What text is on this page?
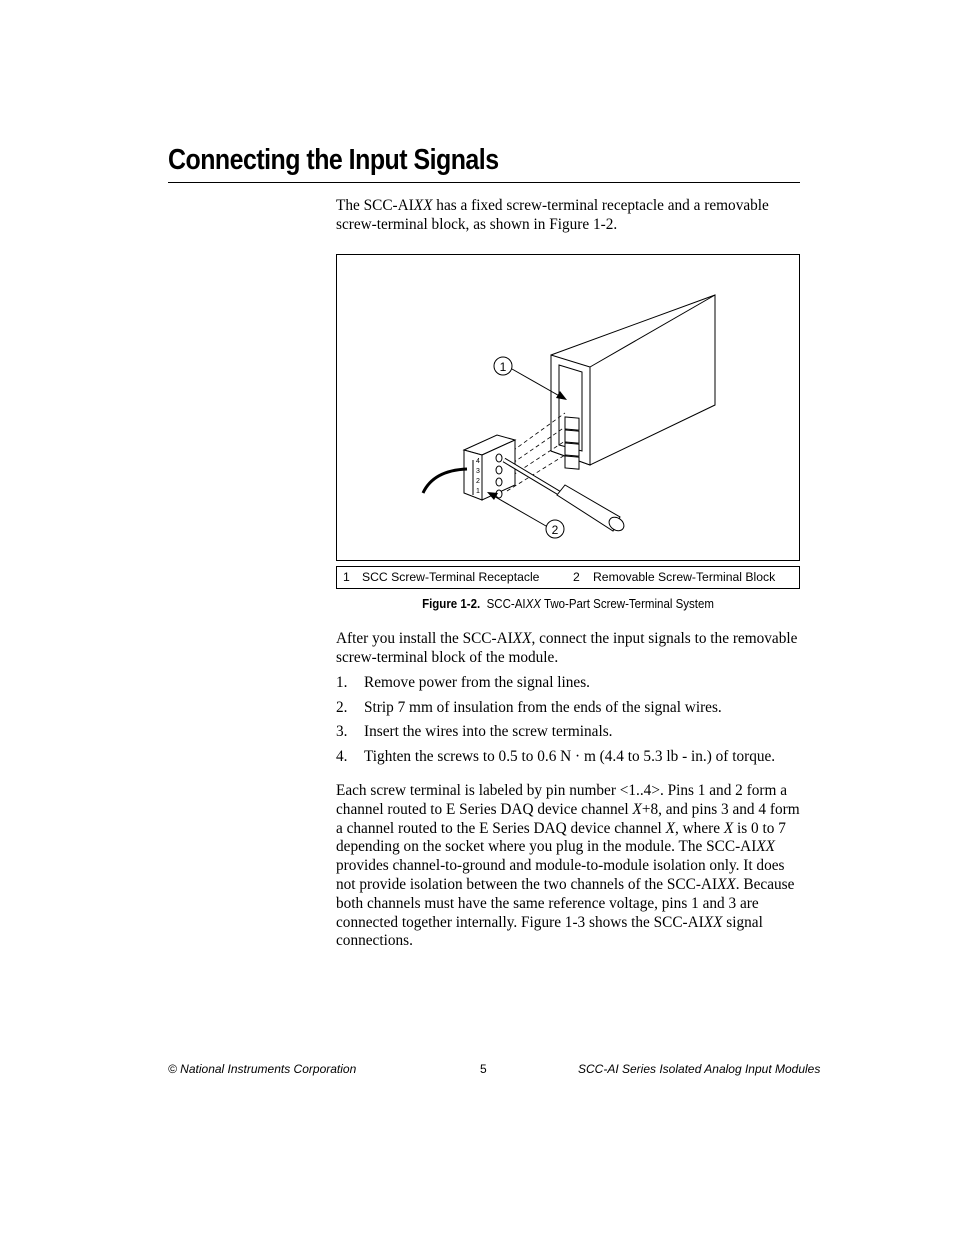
Connecting the Input Signals
The SCC-AIXX has a fixed screw-terminal receptacle and a removable
screw-terminal block, as shown in Figure 1-2.
4
3
2
1
1
2
1 SCC Screw-Terminal Receptacle	2 Removable Screw-Terminal Block
Figure 1-2. SCC-AIXX Two-Part Screw-Terminal System
After you install the SCC-AIXX, connect the input signals to the removable
screw-terminal block of the module.
1. Remove power from the signal lines.
2. Strip 7 mm of insulation from the ends of the signal wires.
3. Insert the wires into the screw terminals.
4. Tighten the screws to 0.5 to 0.6 N · m (4.4 to 5.3 lb - in.) of torque.
Each screw terminal is labeled by pin number <1..4>. Pins 1 and 2 form a
channel routed to E Series DAQ device channel X+8, and pins 3 and 4 form
a channel routed to the E Series DAQ device channel X, where X is 0 to 7
depending on the socket where you plug in the module. The SCC-AIXX
provides channel-to-ground and module-to-module isolation only. It does
not provide isolation between the two channels of the SCC-AIXX. Because
both channels must have the same reference voltage, pins 1 and 3 are
connected together internally. Figure 1-3 shows the SCC-AIXX signal
connections.
© National Instruments Corporation	5	SCC-AI Series Isolated Analog Input Modules
